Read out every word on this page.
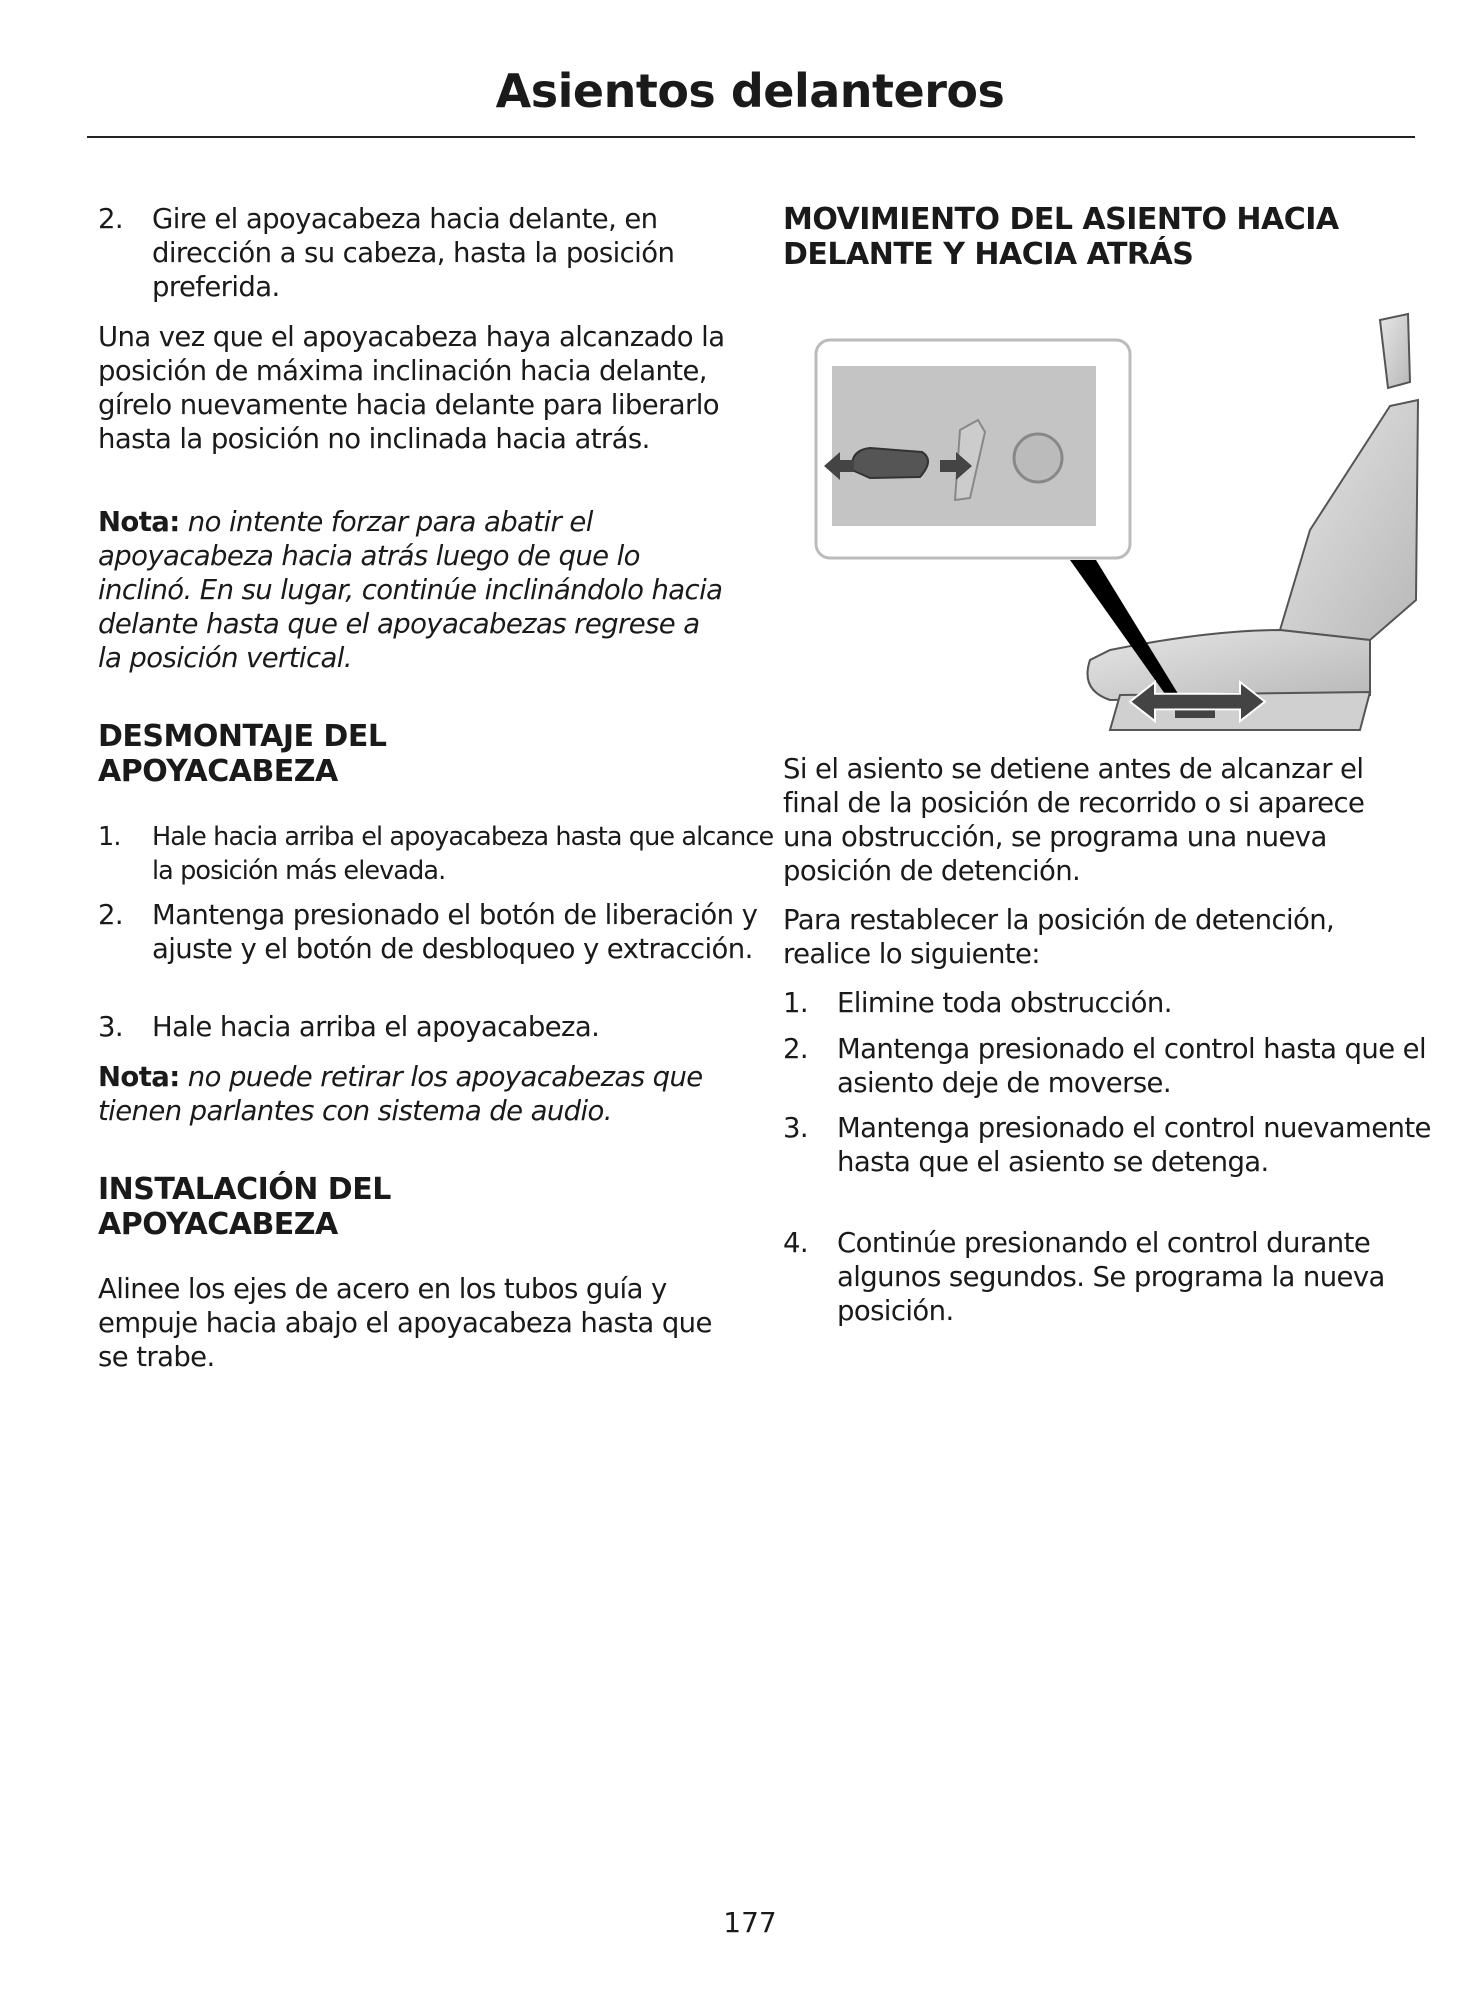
Asientos delanteros
2. Gire el apoyacabeza hacia delante, en dirección a su cabeza, hasta la posición preferida.
Una vez que el apoyacabeza haya alcanzado la posición de máxima inclinación hacia delante, gírelo nuevamente hacia delante para liberarlo hasta la posición no inclinada hacia atrás.
Nota: no intente forzar para abatir el apoyacabeza hacia atrás luego de que lo inclinó. En su lugar, continúe inclinándolo hacia delante hasta que el apoyacabezas regrese a la posición vertical.
DESMONTAJE DEL APOYACABEZA
1. Hale hacia arriba el apoyacabeza hasta que alcance la posición más elevada.
2. Mantenga presionado el botón de liberación y ajuste y el botón de desbloqueo y extracción.
3. Hale hacia arriba el apoyacabeza.
Nota: no puede retirar los apoyacabezas que tienen parlantes con sistema de audio.
INSTALACIÓN DEL APOYACABEZA
Alinee los ejes de acero en los tubos guía y empuje hacia abajo el apoyacabeza hasta que se trabe.
MOVIMIENTO DEL ASIENTO HACIA DELANTE Y HACIA ATRÁS
Si el asiento se detiene antes de alcanzar el final de la posición de recorrido o si aparece una obstrucción, se programa una nueva posición de detención.
Para restablecer la posición de detención, realice lo siguiente:
1. Elimine toda obstrucción.
2. Mantenga presionado el control hasta que el asiento deje de moverse.
3. Mantenga presionado el control nuevamente hasta que el asiento se detenga.
4. Continúe presionando el control durante algunos segundos. Se programa la nueva posición.
177
